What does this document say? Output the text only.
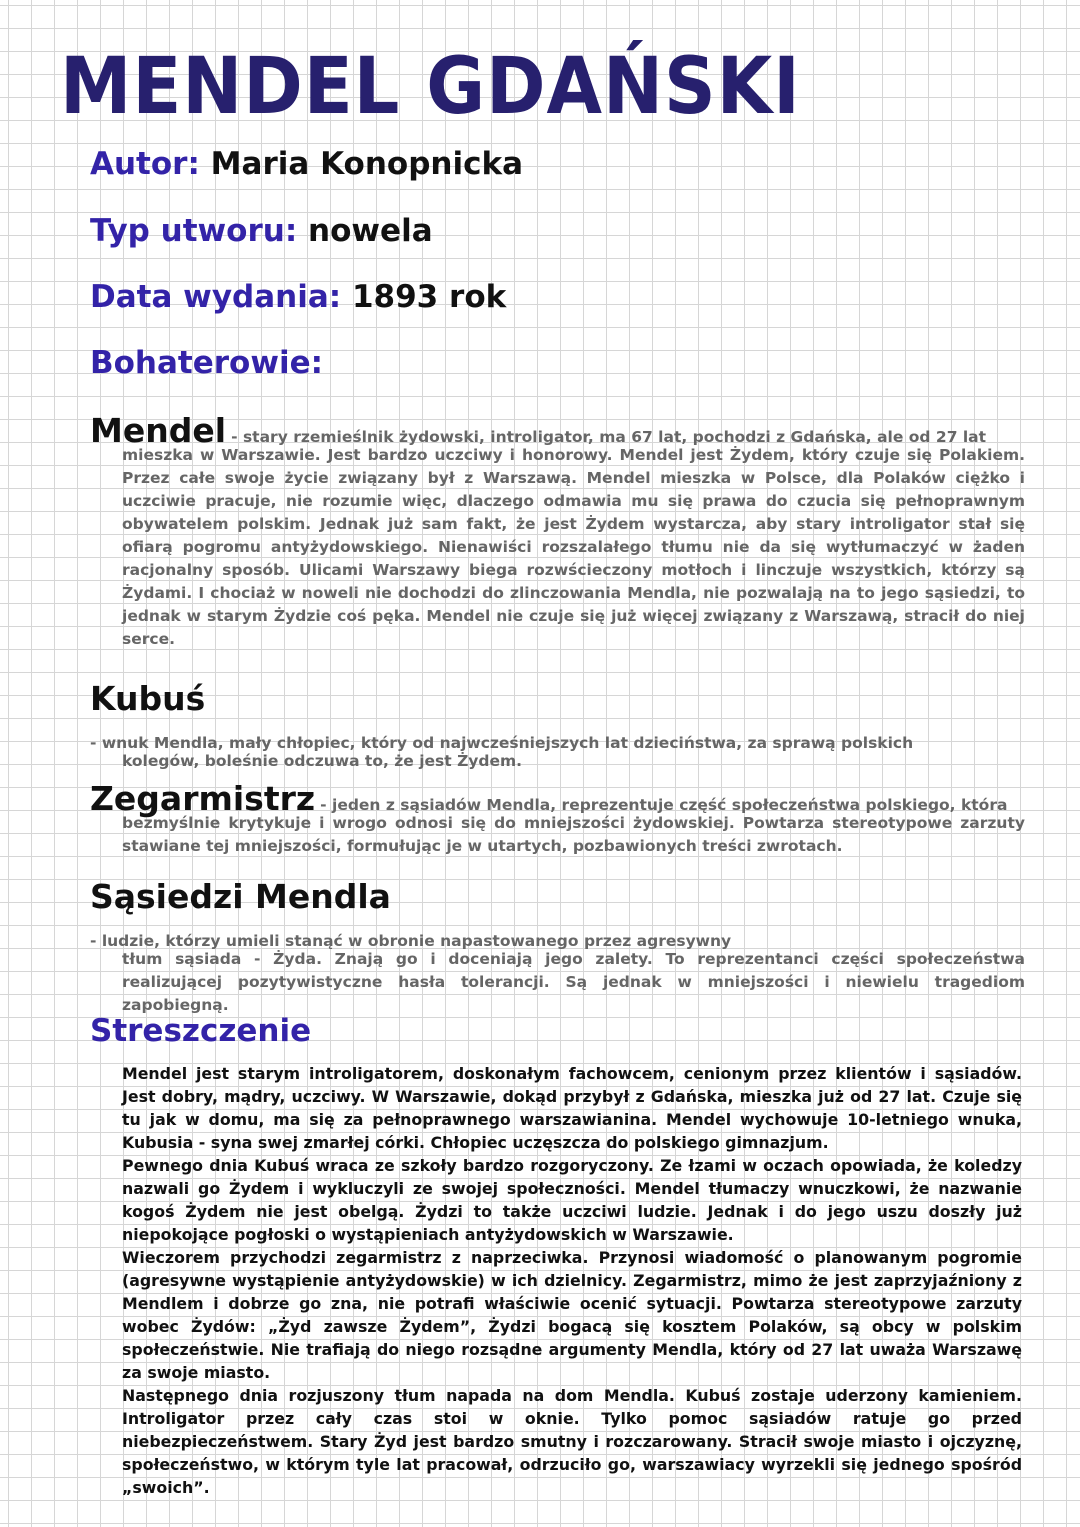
MENDEL GDAŃSKI
Autor: Maria Konopnicka
Typ utworu: nowela
Data wydania: 1893 rok
Bohaterowie:
Mendel - stary rzemieślnik żydowski, introligator, ma 67 lat, pochodzi z Gdańska, ale od 27 lat

mieszka w Warszawie. Jest bardzo uczciwy i honorowy. Mendel jest Żydem, który czuje się Polakiem. Przez całe swoje życie związany był z Warszawą. Mendel mieszka w Polsce, dla Polaków ciężko i uczciwie pracuje, nie rozumie więc, dlaczego odmawia mu się prawa do czucia się pełnoprawnym obywatelem polskim. Jednak już sam fakt, że jest Żydem wystarcza, aby stary introligator stał się ofiarą pogromu antyżydowskiego. Nienawiści rozszalałego tłumu nie da się wytłumaczyć w żaden racjonalny sposób. Ulicami Warszawy biega rozwścieczony motłoch i linczuje wszystkich, którzy są Żydami. I chociaż w noweli nie dochodzi do zlinczowania Mendla, nie pozwalają na to jego sąsiedzi, to jednak w starym Żydzie coś pęka. Mendel nie czuje się już więcej związany z Warszawą, stracił do niej serce.

Kubuś - wnuk Mendla, mały chłopiec, który od najwcześniejszych lat dzieciństwa, za sprawą polskich

kolegów, boleśnie odczuwa to, że jest Żydem.

Zegarmistrz - jeden z sąsiadów Mendla, reprezentuje część społeczeństwa polskiego, która

bezmyślnie krytykuje i wrogo odnosi się do mniejszości żydowskiej. Powtarza stereotypowe zarzuty stawiane tej mniejszości, formułując je w utartych, pozbawionych treści zwrotach.

Sąsiedzi Mendla - ludzie, którzy umieli stanąć w obronie napastowanego przez agresywny

tłum sąsiada - Żyda. Znają go i doceniają jego zalety. To reprezentanci części społeczeństwa realizującej pozytywistyczne hasła tolerancji. Są jednak w mniejszości i niewielu tragediom zapobiegną.

Streszczenie

Mendel jest starym introligatorem, doskonałym fachowcem, cenionym przez klientów i sąsiadów. Jest dobry, mądry, uczciwy. W Warszawie, dokąd przybył z Gdańska, mieszka już od 27 lat. Czuje się tu jak w domu, ma się za pełnoprawnego warszawianina. Mendel wychowuje 10-letniego wnuka, Kubusia - syna swej zmarłej córki. Chłopiec uczęszcza do polskiego gimnazjum.

Pewnego dnia Kubuś wraca ze szkoły bardzo rozgoryczony. Ze łzami w oczach opowiada, że koledzy nazwali go Żydem i wykluczyli ze swojej społeczności. Mendel tłumaczy wnuczkowi, że nazwanie kogoś Żydem nie jest obelgą. Żydzi to także uczciwi ludzie. Jednak i do jego uszu doszły już niepokojące pogłoski o wystąpieniach antyżydowskich w Warszawie.

Wieczorem przychodzi zegarmistrz z naprzeciwka. Przynosi wiadomość o planowanym pogromie (agresywne wystąpienie antyżydowskie) w ich dzielnicy. Zegarmistrz, mimo że jest zaprzyjaźniony z Mendlem i dobrze go zna, nie potrafi właściwie ocenić sytuacji. Powtarza stereotypowe zarzuty wobec Żydów: „Żyd zawsze Żydem”, Żydzi bogacą się kosztem Polaków, są obcy w polskim społeczeństwie. Nie trafiają do niego rozsądne argumenty Mendla, który od 27 lat uważa Warszawę za swoje miasto.

Następnego dnia rozjuszony tłum napada na dom Mendla. Kubuś zostaje uderzony kamieniem. Introligator przez cały czas stoi w oknie. Tylko pomoc sąsiadów ratuje go przed niebezpieczeństwem. Stary Żyd jest bardzo smutny i rozczarowany. Stracił swoje miasto i ojczyznę, społeczeństwo, w którym tyle lat pracował, odrzuciło go, warszawiacy wyrzekli się jednego spośród „swoich”.
